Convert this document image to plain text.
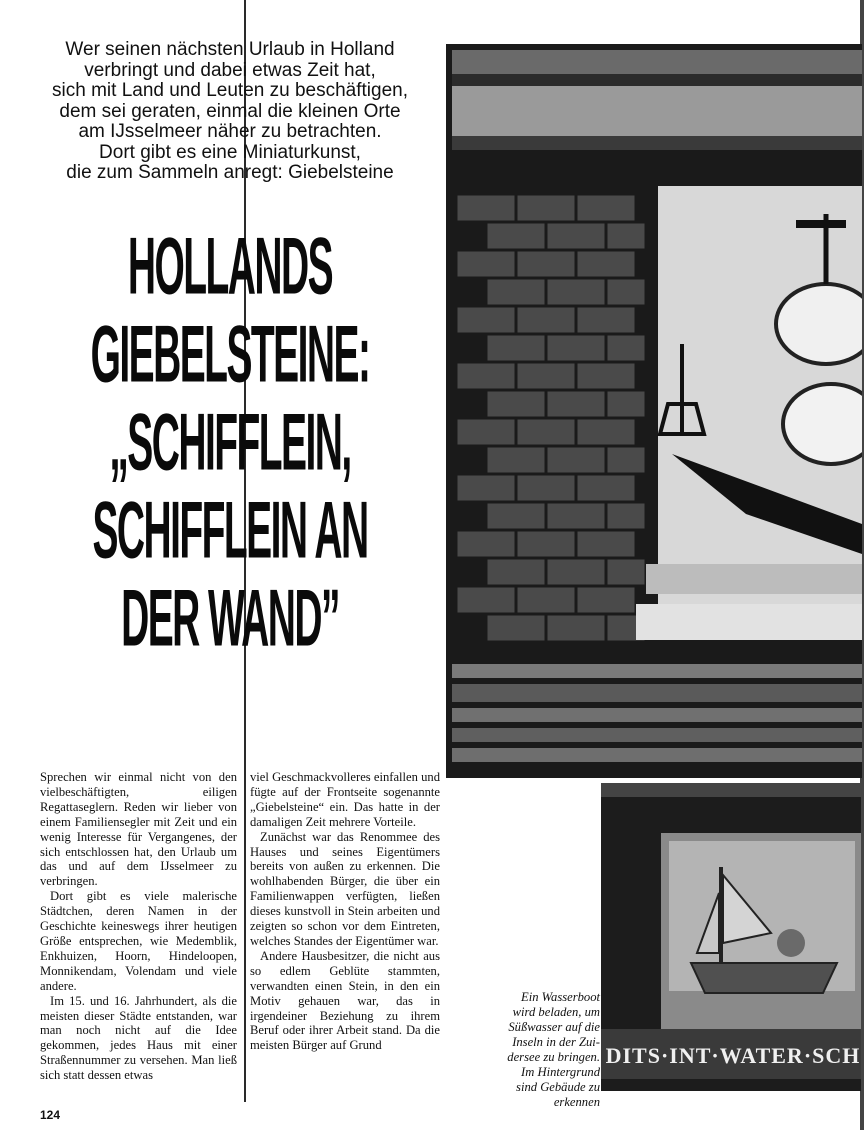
Wer seinen nächsten Urlaub in Holland
verbringt und dabei etwas Zeit hat,
sich mit Land und Leuten zu beschäftigen,
dem sei geraten, einmal die kleinen Orte
am IJsselmeer näher zu betrachten.
Dort gibt es eine Miniaturkunst,
die zum Sammeln anregt: Giebelsteine
HOLLANDS
GIEBELSTEINE:
„SCHIFFLEIN,
SCHIFFLEIN AN
DER WAND”

Sprechen wir einmal nicht von den vielbeschäftigten, eiligen Regattaseglern. Reden wir lieber von einem Familiensegler mit Zeit und ein wenig Interesse für Vergangenes, der sich entschlossen hat, den Urlaub um das und auf dem IJsselmeer zu verbringen.

Dort gibt es viele malerische Städtchen, deren Namen in der Geschichte keineswegs ihrer heutigen Größe entsprechen, wie Medemblik, Enkhuizen, Hoorn, Hindeloopen, Monnikendam, Volendam und viele andere.

Im 15. und 16. Jahrhundert, als die meisten dieser Städte entstanden, war man noch nicht auf die Idee gekommen, jedes Haus mit einer Straßennummer zu versehen. Man ließ sich statt dessen etwas

viel Geschmackvolleres einfallen und fügte auf der Frontseite sogenannte „Giebelsteine“ ein. Das hatte in der damaligen Zeit mehrere Vorteile.

Zunächst war das Renommee des Hauses und seines Eigentümers bereits von außen zu erkennen. Die wohlhabenden Bürger, die über ein Familienwappen verfügten, ließen dieses kunstvoll in Stein arbeiten und zeigten so schon vor dem Eintreten, welches Standes der Eigentümer war.

Andere Hausbesitzer, die nicht aus so edlem Geblüte stammten, verwandten einen Stein, in den ein Motiv gehauen war, das in irgendeiner Beziehung zu ihrem Beruf oder ihrer Arbeit stand. Da die meisten Bürger auf Grund

124
DITS·INT·WATER·SCH
Ein Wasserboot
wird beladen, um
Süßwasser auf die
Inseln in der Zui-
dersee zu bringen.
Im Hintergrund
sind Gebäude zu
erkennen
